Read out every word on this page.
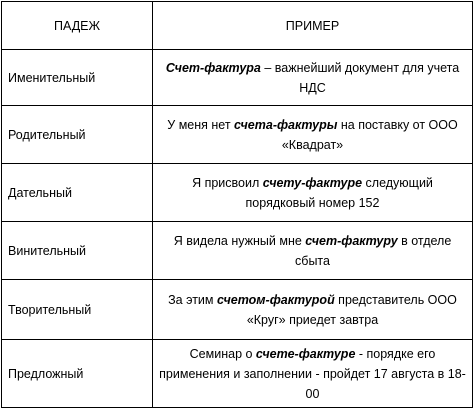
ПАДЕЖ	ПРИМЕР
Именительный	Счет-фактура – важнейший документ для учета НДС
Родительный	У меня нет счета-фактуры на поставку от ООО «Квадрат»
Дательный	Я присвоил счету-фактуре следующий порядковый номер 152
Винительный	Я видела нужный мне счет-фактуру в отделе сбыта
Творительный	За этим счетом-фактурой представитель ООО «Круг» приедет завтра
Предложный	Семинар о счете-фактуре - порядке его применения и заполнении - пройдет 17 августа в 18-00
